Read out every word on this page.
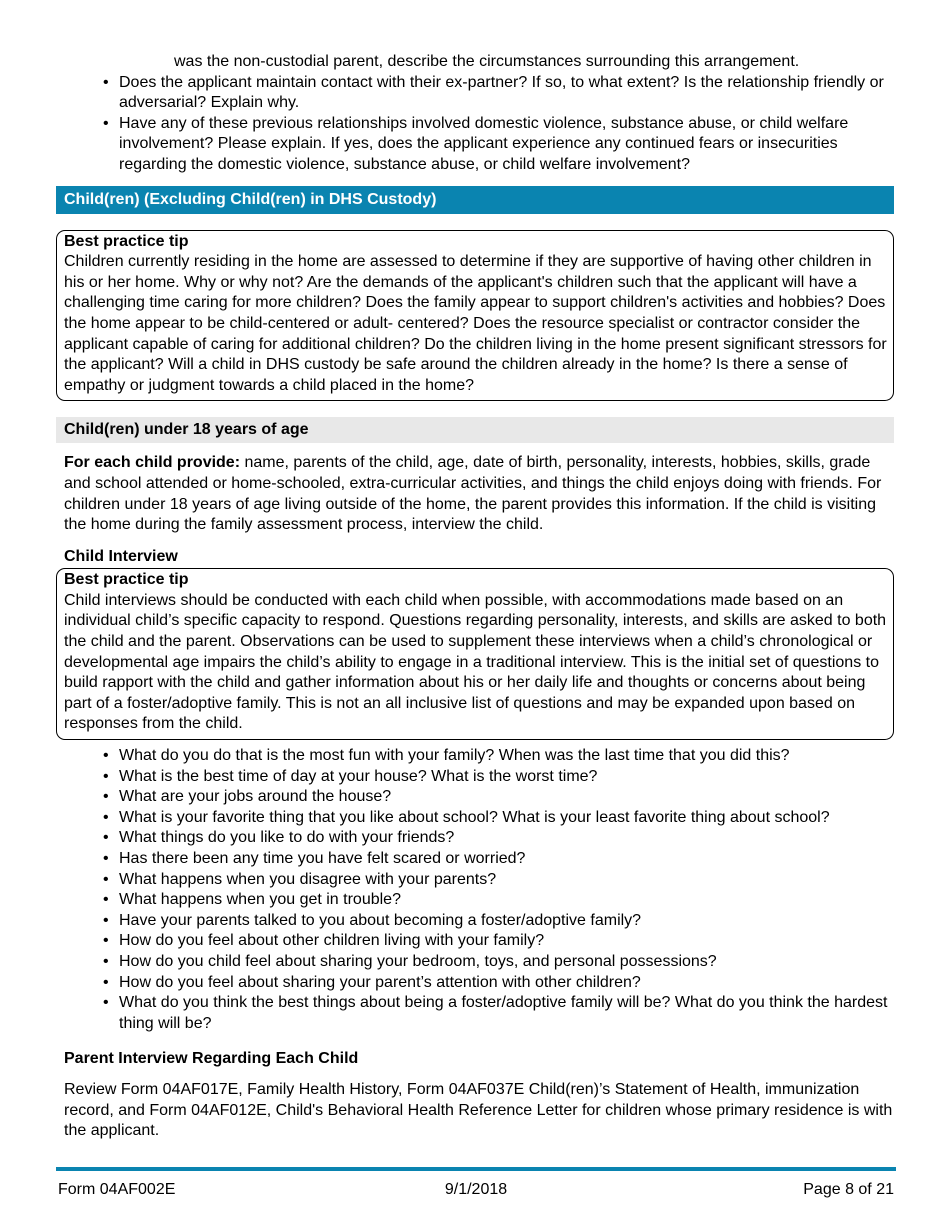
was the non-custodial parent, describe the circumstances surrounding this arrangement.
• Does the applicant maintain contact with their ex-partner? If so, to what extent? Is the relationship friendly or adversarial? Explain why.
• Have any of these previous relationships involved domestic violence, substance abuse, or child welfare involvement? Please explain. If yes, does the applicant experience any continued fears or insecurities regarding the domestic violence, substance abuse, or child welfare involvement?
Child(ren) (Excluding Child(ren) in DHS Custody)
Best practice tip
Children currently residing in the home are assessed to determine if they are supportive of having other children in his or her home. Why or why not? Are the demands of the applicant's children such that the applicant will have a challenging time caring for more children? Does the family appear to support children's activities and hobbies? Does the home appear to be child-centered or adult- centered? Does the resource specialist or contractor consider the applicant capable of caring for additional children? Do the children living in the home present significant stressors for the applicant? Will a child in DHS custody be safe around the children already in the home? Is there a sense of empathy or judgment towards a child placed in the home?
Child(ren) under 18 years of age
For each child provide: name, parents of the child, age, date of birth, personality, interests, hobbies, skills, grade and school attended or home-schooled, extra-curricular activities, and things the child enjoys doing with friends. For children under 18 years of age living outside of the home, the parent provides this information. If the child is visiting the home during the family assessment process, interview the child.
Child Interview
Best practice tip
Child interviews should be conducted with each child when possible, with accommodations made based on an individual child’s specific capacity to respond. Questions regarding personality, interests, and skills are asked to both the child and the parent. Observations can be used to supplement these interviews when a child’s chronological or developmental age impairs the child’s ability to engage in a traditional interview. This is the initial set of questions to build rapport with the child and gather information about his or her daily life and thoughts or concerns about being part of a foster/adoptive family. This is not an all inclusive list of questions and may be expanded upon based on responses from the child.
• What do you do that is the most fun with your family? When was the last time that you did this?
• What is the best time of day at your house? What is the worst time?
• What are your jobs around the house?
• What is your favorite thing that you like about school? What is your least favorite thing about school?
• What things do you like to do with your friends?
• Has there been any time you have felt scared or worried?
• What happens when you disagree with your parents?
• What happens when you get in trouble?
• Have your parents talked to you about becoming a foster/adoptive family?
• How do you feel about other children living with your family?
• How do you child feel about sharing your bedroom, toys, and personal possessions?
• How do you feel about sharing your parent’s attention with other children?
• What do you think the best things about being a foster/adoptive family will be? What do you think the hardest thing will be?
Parent Interview Regarding Each Child
Review Form 04AF017E, Family Health History, Form 04AF037E Child(ren)’s Statement of Health, immunization record, and Form 04AF012E, Child's Behavioral Health Reference Letter for children whose primary residence is with the applicant.
Form 04AF002E	9/1/2018	Page 8 of 21
